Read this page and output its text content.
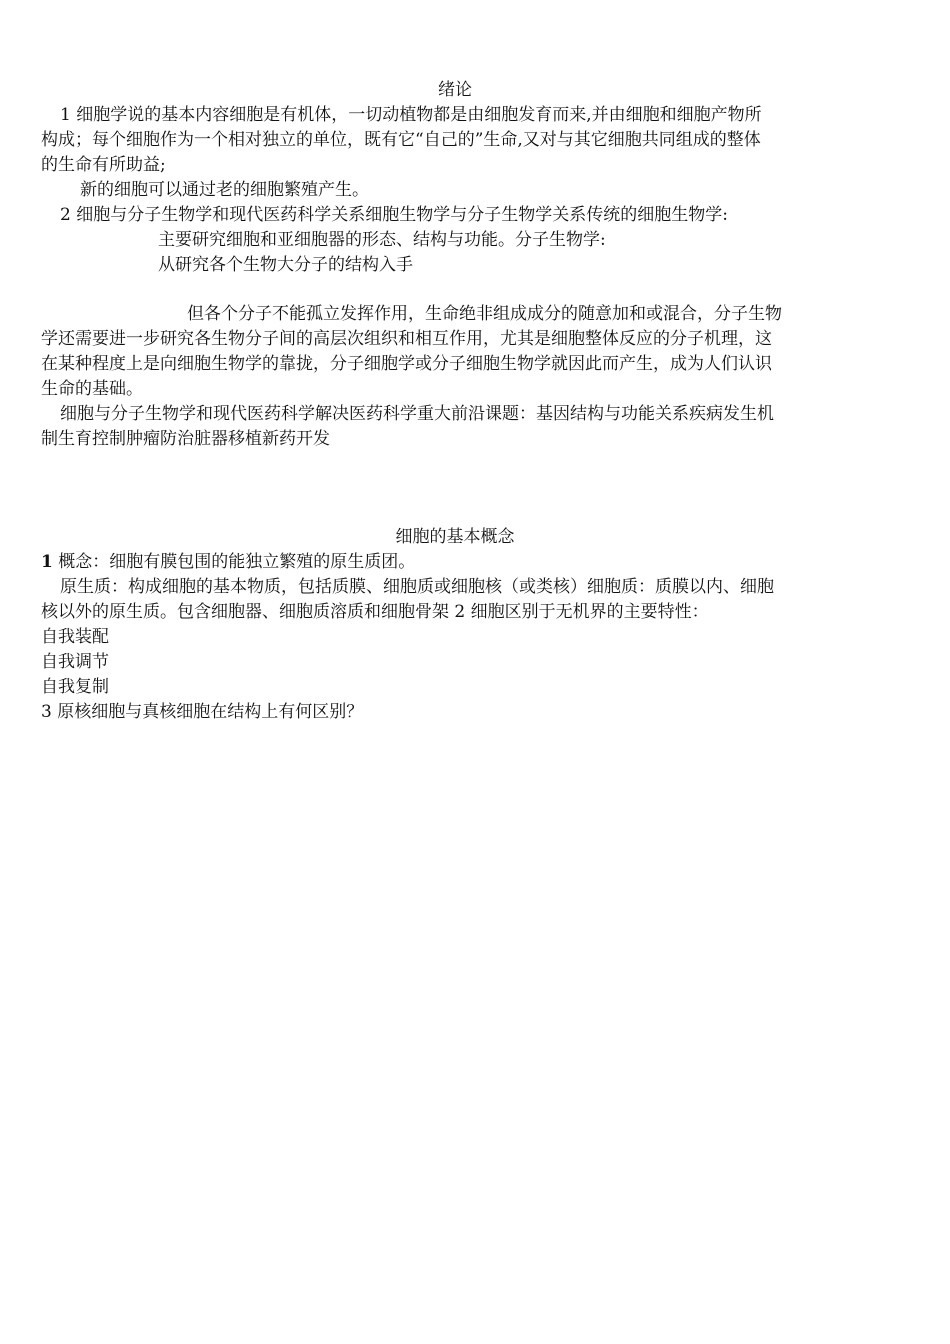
绪论
1 细胞学说的基本内容细胞是有机体，一切动植物都是由细胞发育而来,并由细胞和细胞产物所
构成；每个细胞作为一个相对独立的单位，既有它“自己的”生命,又对与其它细胞共同组成的整体
的生命有所助益;
新的细胞可以通过老的细胞繁殖产生。
2 细胞与分子生物学和现代医药科学关系细胞生物学与分子生物学关系传统的细胞生物学:
主要研究细胞和亚细胞器的形态、结构与功能。分子生物学:
从研究各个生物大分子的结构入手
但各个分子不能孤立发挥作用，生命绝非组成成分的随意加和或混合，分子生物
学还需要进一步研究各生物分子间的高层次组织和相互作用，尤其是细胞整体反应的分子机理，这
在某种程度上是向细胞生物学的靠拢，分子细胞学或分子细胞生物学就因此而产生，成为人们认识
生命的基础。
细胞与分子生物学和现代医药科学解决医药科学重大前沿课题：基因结构与功能关系疾病发生机
制生育控制肿瘤防治脏器移植新药开发
细胞的基本概念
1 概念：细胞有膜包围的能独立繁殖的原生质团。
原生质：构成细胞的基本物质，包括质膜、细胞质或细胞核（或类核）细胞质：质膜以内、细胞
核以外的原生质。包含细胞器、细胞质溶质和细胞骨架 2 细胞区别于无机界的主要特性：
自我装配
自我调节
自我复制
3 原核细胞与真核细胞在结构上有何区别？
